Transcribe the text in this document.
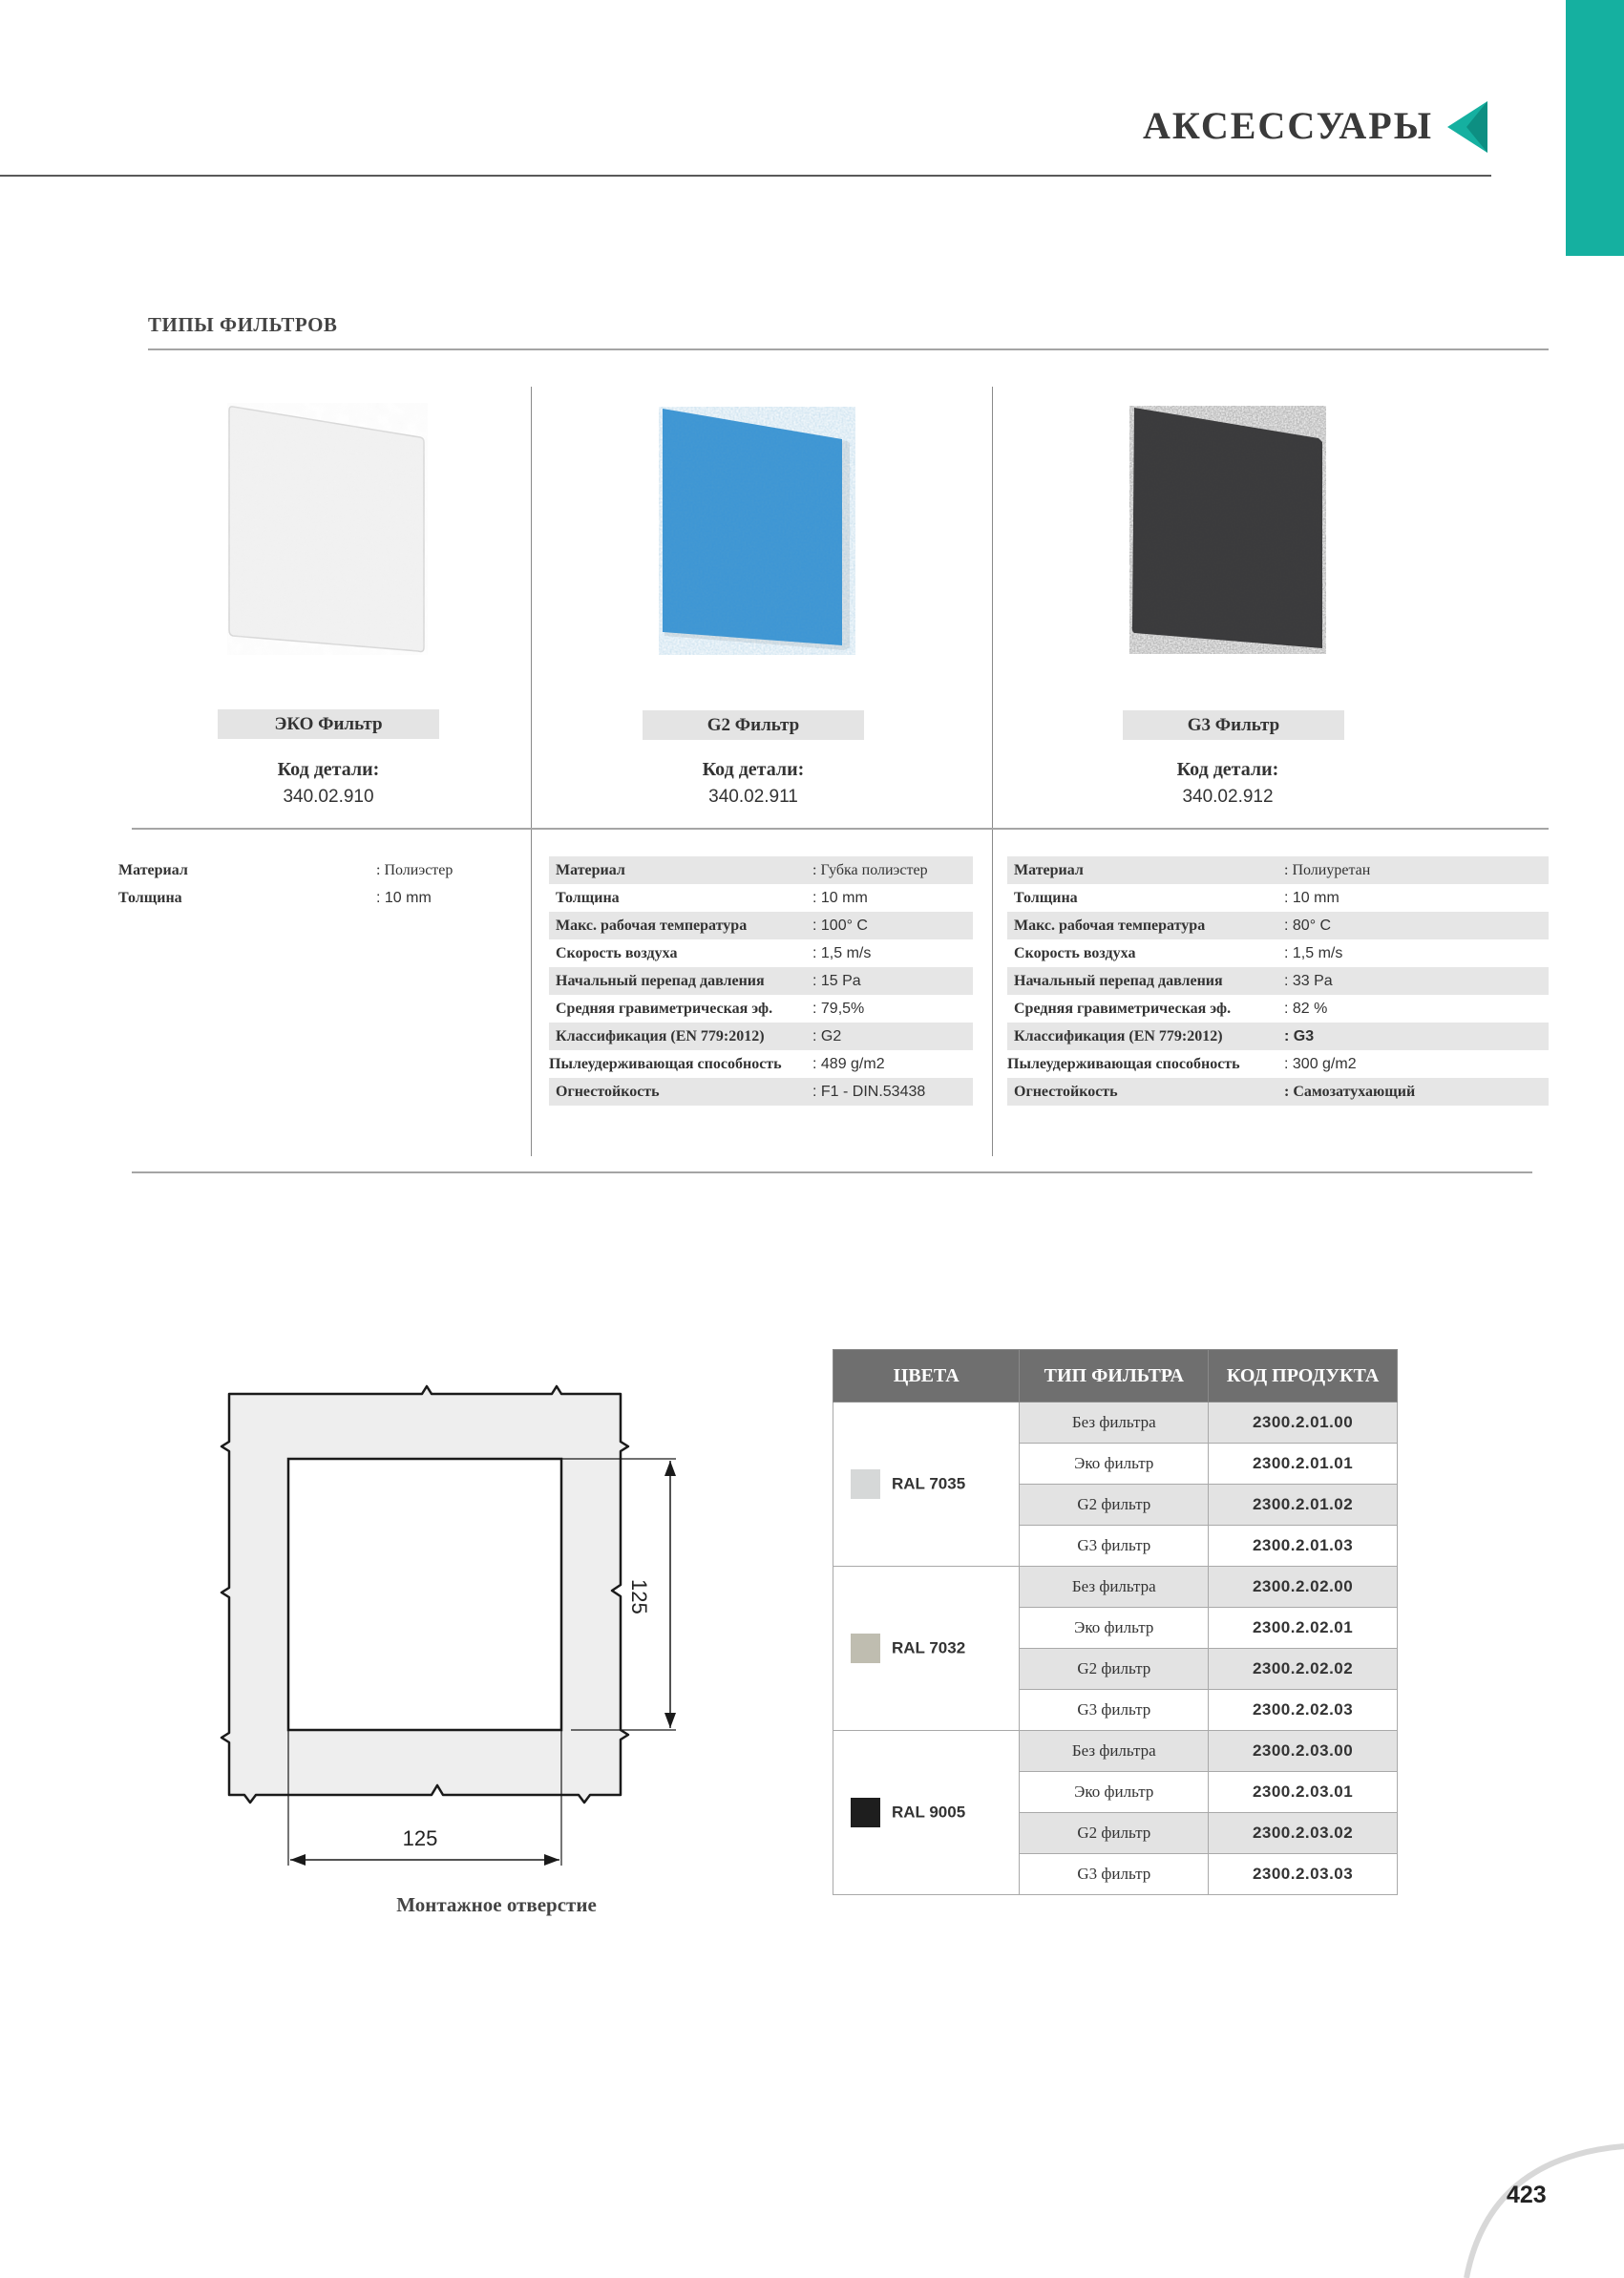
АКСЕССУАРЫ
ТИПЫ ФИЛЬТРОВ
ЭКО Фильтр	G2 Фильтр	G3 Фильтр
Код детали:
340.02.910
Код детали:
340.02.911
Код детали:
340.02.912
Материал	: Полиэстер
Толщина	: 10 mm
Материал	: Губка полиэстер
Толщина	: 10 mm
Макс. рабочая температура	: 100° C
Скорость воздуха	: 1,5 m/s
Начальный перепад давления	: 15 Pa
Средняя гравиметрическая эф.	: 79,5%
Классификация (EN 779:2012)	: G2
Пылеудерживающая способность	: 489 g/m2
Огнестойкость	: F1 - DIN.53438
Материал	: Полиуретан
Толщина	: 10 mm
Макс. рабочая температура	: 80° C
Скорость воздуха	: 1,5 m/s
Начальный перепад давления	: 33 Pa
Средняя гравиметрическая эф.	: 82 %
Классификация (EN 779:2012)	: G3
Пылеудерживающая способность	: 300 g/m2
Огнестойкость	: Самозатухающий
125
125
Монтажное отверстие
ЦВЕТА	ТИП ФИЛЬТРА	КОД ПРОДУКТА
RAL 7035	Без фильтра	2300.2.01.00
	Эко фильтр	2300.2.01.01
	G2 фильтр	2300.2.01.02
	G3 фильтр	2300.2.01.03
RAL 7032	Без фильтра	2300.2.02.00
	Эко фильтр	2300.2.02.01
	G2 фильтр	2300.2.02.02
	G3 фильтр	2300.2.02.03
RAL 9005	Без фильтра	2300.2.03.00
	Эко фильтр	2300.2.03.01
	G2 фильтр	2300.2.03.02
	G3 фильтр	2300.2.03.03
423
